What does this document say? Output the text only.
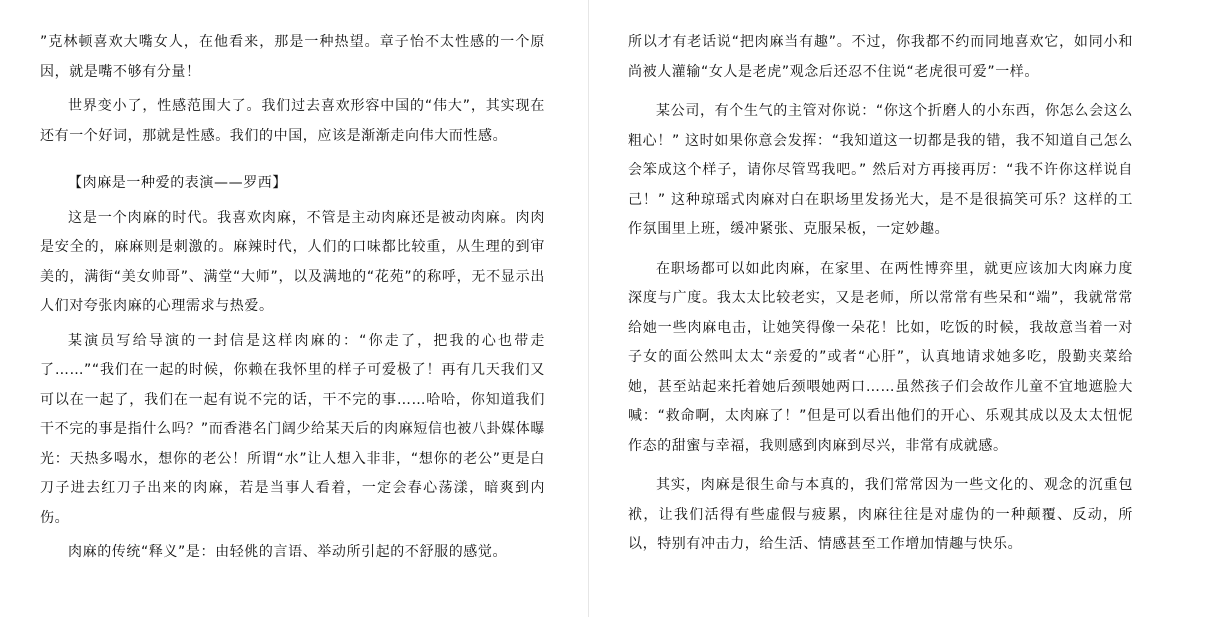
”克林顿喜欢大嘴女人，在他看来，那是一种热望。章子怡不太性感的一个原因，就是嘴不够有分量！

世界变小了，性感范围大了。我们过去喜欢形容中国的“伟大”，其实现在还有一个好词，那就是性感。我们的中国，应该是渐渐走向伟大而性感。

【肉麻是一种爱的表演——罗西】

这是一个肉麻的时代。我喜欢肉麻，不管是主动肉麻还是被动肉麻。肉肉是安全的，麻麻则是刺激的。麻辣时代，人们的口味都比较重，从生理的到审美的，满街“美女帅哥”、满堂“大师”，以及满地的“花苑”的称呼，无不显示出人们对夸张肉麻的心理需求与热爱。

某演员写给导演的一封信是这样肉麻的：“你走了，把我的心也带走了……”“我们在一起的时候，你赖在我怀里的样子可爱极了！再有几天我们又可以在一起了，我们在一起有说不完的话，干不完的事……哈哈，你知道我们干不完的事是指什么吗？”而香港名门阔少给某天后的肉麻短信也被八卦媒体曝光：天热多喝水，想你的老公！所谓“水”让人想入非非，“想你的老公”更是白刀子进去红刀子出来的肉麻，若是当事人看着，一定会春心荡漾，暗爽到内伤。

肉麻的传统“释义”是：由轻佻的言语、举动所引起的不舒服的感觉。

所以才有老话说“把肉麻当有趣”。不过，你我都不约而同地喜欢它，如同小和尚被人灌输“女人是老虎”观念后还忍不住说“老虎很可爱”一样。

某公司，有个生气的主管对你说：“你这个折磨人的小东西，你怎么会这么粗心！” 这时如果你意会发挥：“我知道这一切都是我的错，我不知道自己怎么会笨成这个样子，请你尽管骂我吧。” 然后对方再接再厉：“我不许你这样说自己！” 这种琼瑶式肉麻对白在职场里发扬光大，是不是很搞笑可乐？这样的工作氛围里上班，缓冲紧张、克服呆板，一定妙趣。

在职场都可以如此肉麻，在家里、在两性博弈里，就更应该加大肉麻力度深度与广度。我太太比较老实，又是老师，所以常常有些呆和“端”，我就常常给她一些肉麻电击，让她笑得像一朵花！比如，吃饭的时候，我故意当着一对子女的面公然叫太太“亲爱的”或者“心肝”，认真地请求她多吃，殷勤夹菜给她，甚至站起来托着她后颈喂她两口……虽然孩子们会故作儿童不宜地遮脸大喊：“救命啊，太肉麻了！”但是可以看出他们的开心、乐观其成以及太太忸怩作态的甜蜜与幸福，我则感到肉麻到尽兴，非常有成就感。

其实，肉麻是很生命与本真的，我们常常因为一些文化的、观念的沉重包袱，让我们活得有些虚假与疲累，肉麻往往是对虚伪的一种颠覆、反动，所以，特别有冲击力，给生活、情感甚至工作增加情趣与快乐。
